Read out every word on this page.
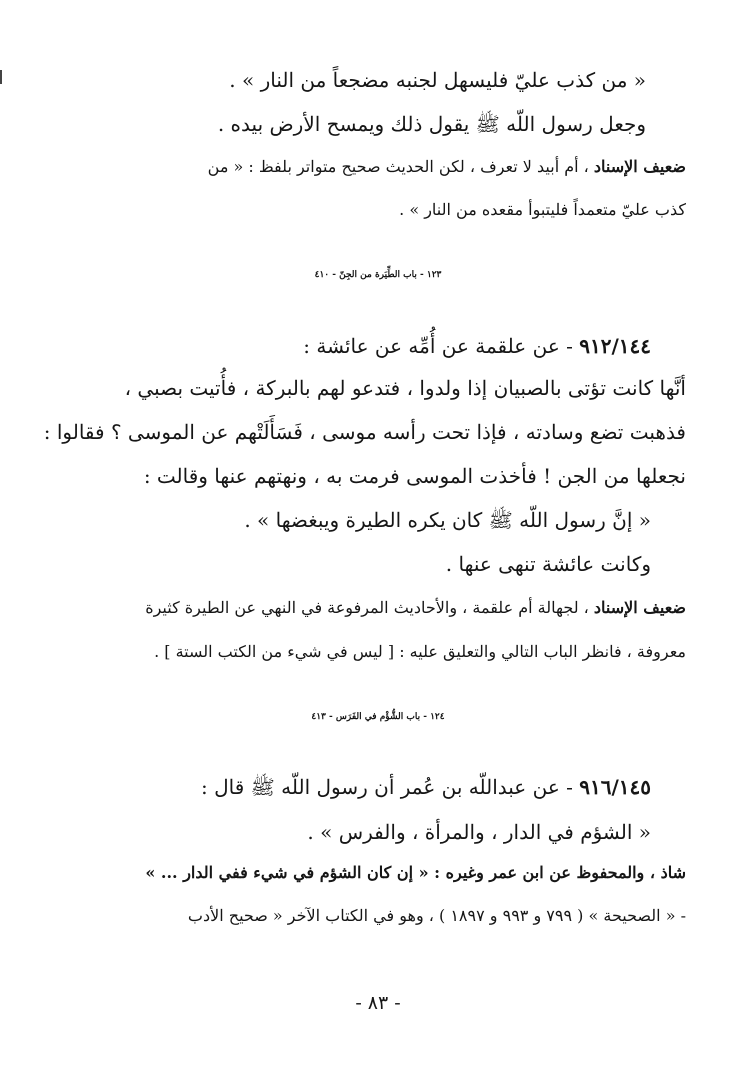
« من كذب عليّ فليسهل لجنبه مضجعاً من النار » .

وجعل رسول اللّه ﷺ يقول ذلك ويمسح الأرض بيده .

ضعيف الإسناد ، أم أبيد لا تعرف ، لكن الحديث صحيح متواتر بلفظ : « من

كذب عليّ متعمداً فليتبوأ مقعده من النار » .

١٢٣ - باب الطِّيَرة من الجِنّ - ٤١٠

٩١٢/١٤٤ - عن علقمة عن أُمِّه عن عائشة :

أنَّها كانت تؤتى بالصبيان إذا ولدوا ، فتدعو لهم بالبركة ، فأُتيت بصبي ،

فذهبت تضع وسادته ، فإذا تحت رأسه موسى ، فَسَأَلَتْهم عن الموسى ؟ فقالوا :

نجعلها من الجن ! فأخذت الموسى فرمت به ، ونهتهم عنها وقالت :

« إنَّ رسول اللّه ﷺ كان يكره الطيرة ويبغضها » .

وكانت عائشة تنهى عنها .

ضعيف الإسناد ، لجهالة أم علقمة ، والأحاديث المرفوعة في النهي عن الطيرة كثيرة

معروفة ، فانظر الباب التالي والتعليق عليه : [ ليس في شيء من الكتب الستة ] .

١٢٤ - باب الشُّؤْم في الفَرَس - ٤١٣

٩١٦/١٤٥ - عن عبداللّه بن عُمر أن رسول اللّه ﷺ قال :

« الشؤم في الدار ، والمرأة ، والفرس » .

شاذ ، والمحفوظ عن ابن عمر وغيره : « إن كان الشؤم في شيء ففي الدار ... »

- « الصحيحة » ( ٧٩٩ و ٩٩٣ و ١٨٩٧ ) ، وهو في الكتاب الآخر « صحيح الأدب

- ٨٣ -
